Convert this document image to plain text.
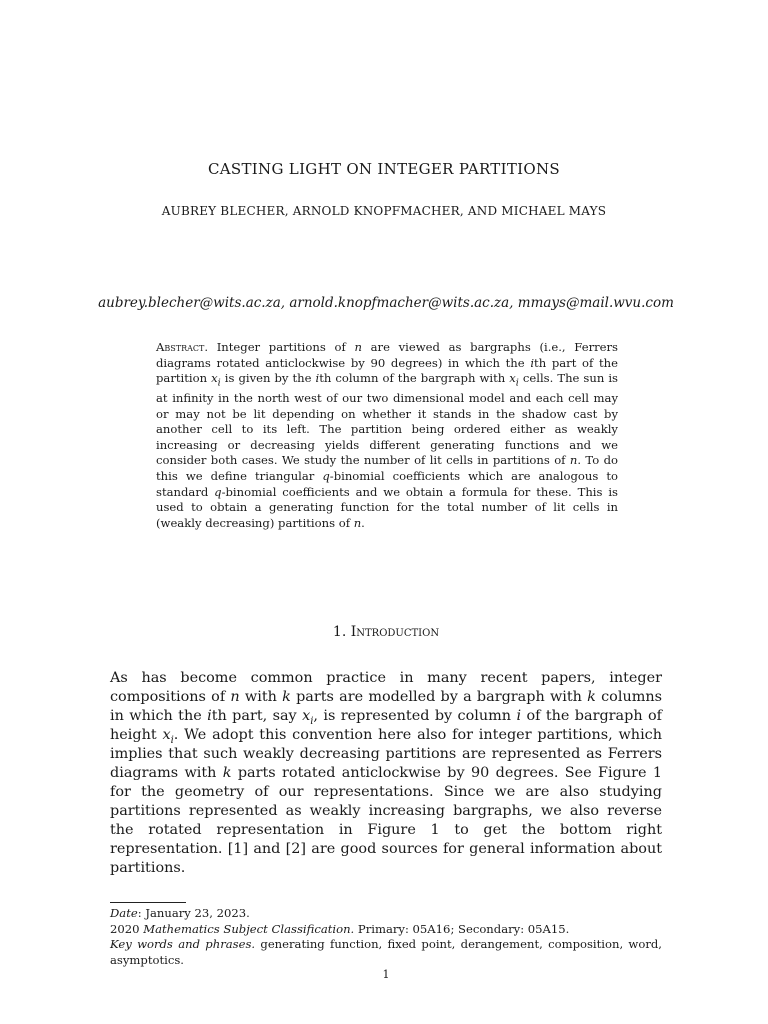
CASTING LIGHT ON INTEGER PARTITIONS
AUBREY BLECHER, ARNOLD KNOPFMACHER, AND MICHAEL MAYS
aubrey.blecher@wits.ac.za, arnold.knopfmacher@wits.ac.za, mmays@mail.wvu.com
Abstract. Integer partitions of n are viewed as bargraphs (i.e., Ferrers diagrams rotated anticlockwise by 90 degrees) in which the ith part of the partition $x_i$ is given by the ith column of the bargraph with $x_i$ cells. The sun is at infinity in the north west of our two dimensional model and each cell may or may not be lit depending on whether it stands in the shadow cast by another cell to its left. The partition being ordered either as weakly increasing or decreasing yields different generating functions and we consider both cases. We study the number of lit cells in partitions of n. To do this we define triangular q-binomial coefficients which are analogous to standard q-binomial coefficients and we obtain a formula for these. This is used to obtain a generating function for the total number of lit cells in (weakly decreasing) partitions of n.
1. Introduction
As has become common practice in many recent papers, integer compositions of n with k parts are modelled by a bargraph with k columns in which the ith part, say $x_i$, is represented by column i of the bargraph of height $x_i$. We adopt this convention here also for integer partitions, which implies that such weakly decreasing partitions are represented as Ferrers diagrams with k parts rotated anticlockwise by 90 degrees. See Figure 1 for the geometry of our representations. Since we are also studying partitions represented as weakly increasing bargraphs, we also reverse the rotated representation in Figure 1 to get the bottom right representation. [1] and [2] are good sources for general information about partitions.
Date: January 23, 2023.
2020 Mathematics Subject Classification. Primary: 05A16; Secondary: 05A15.
Key words and phrases. generating function, fixed point, derangement, composition, word, asymptotics.
1
